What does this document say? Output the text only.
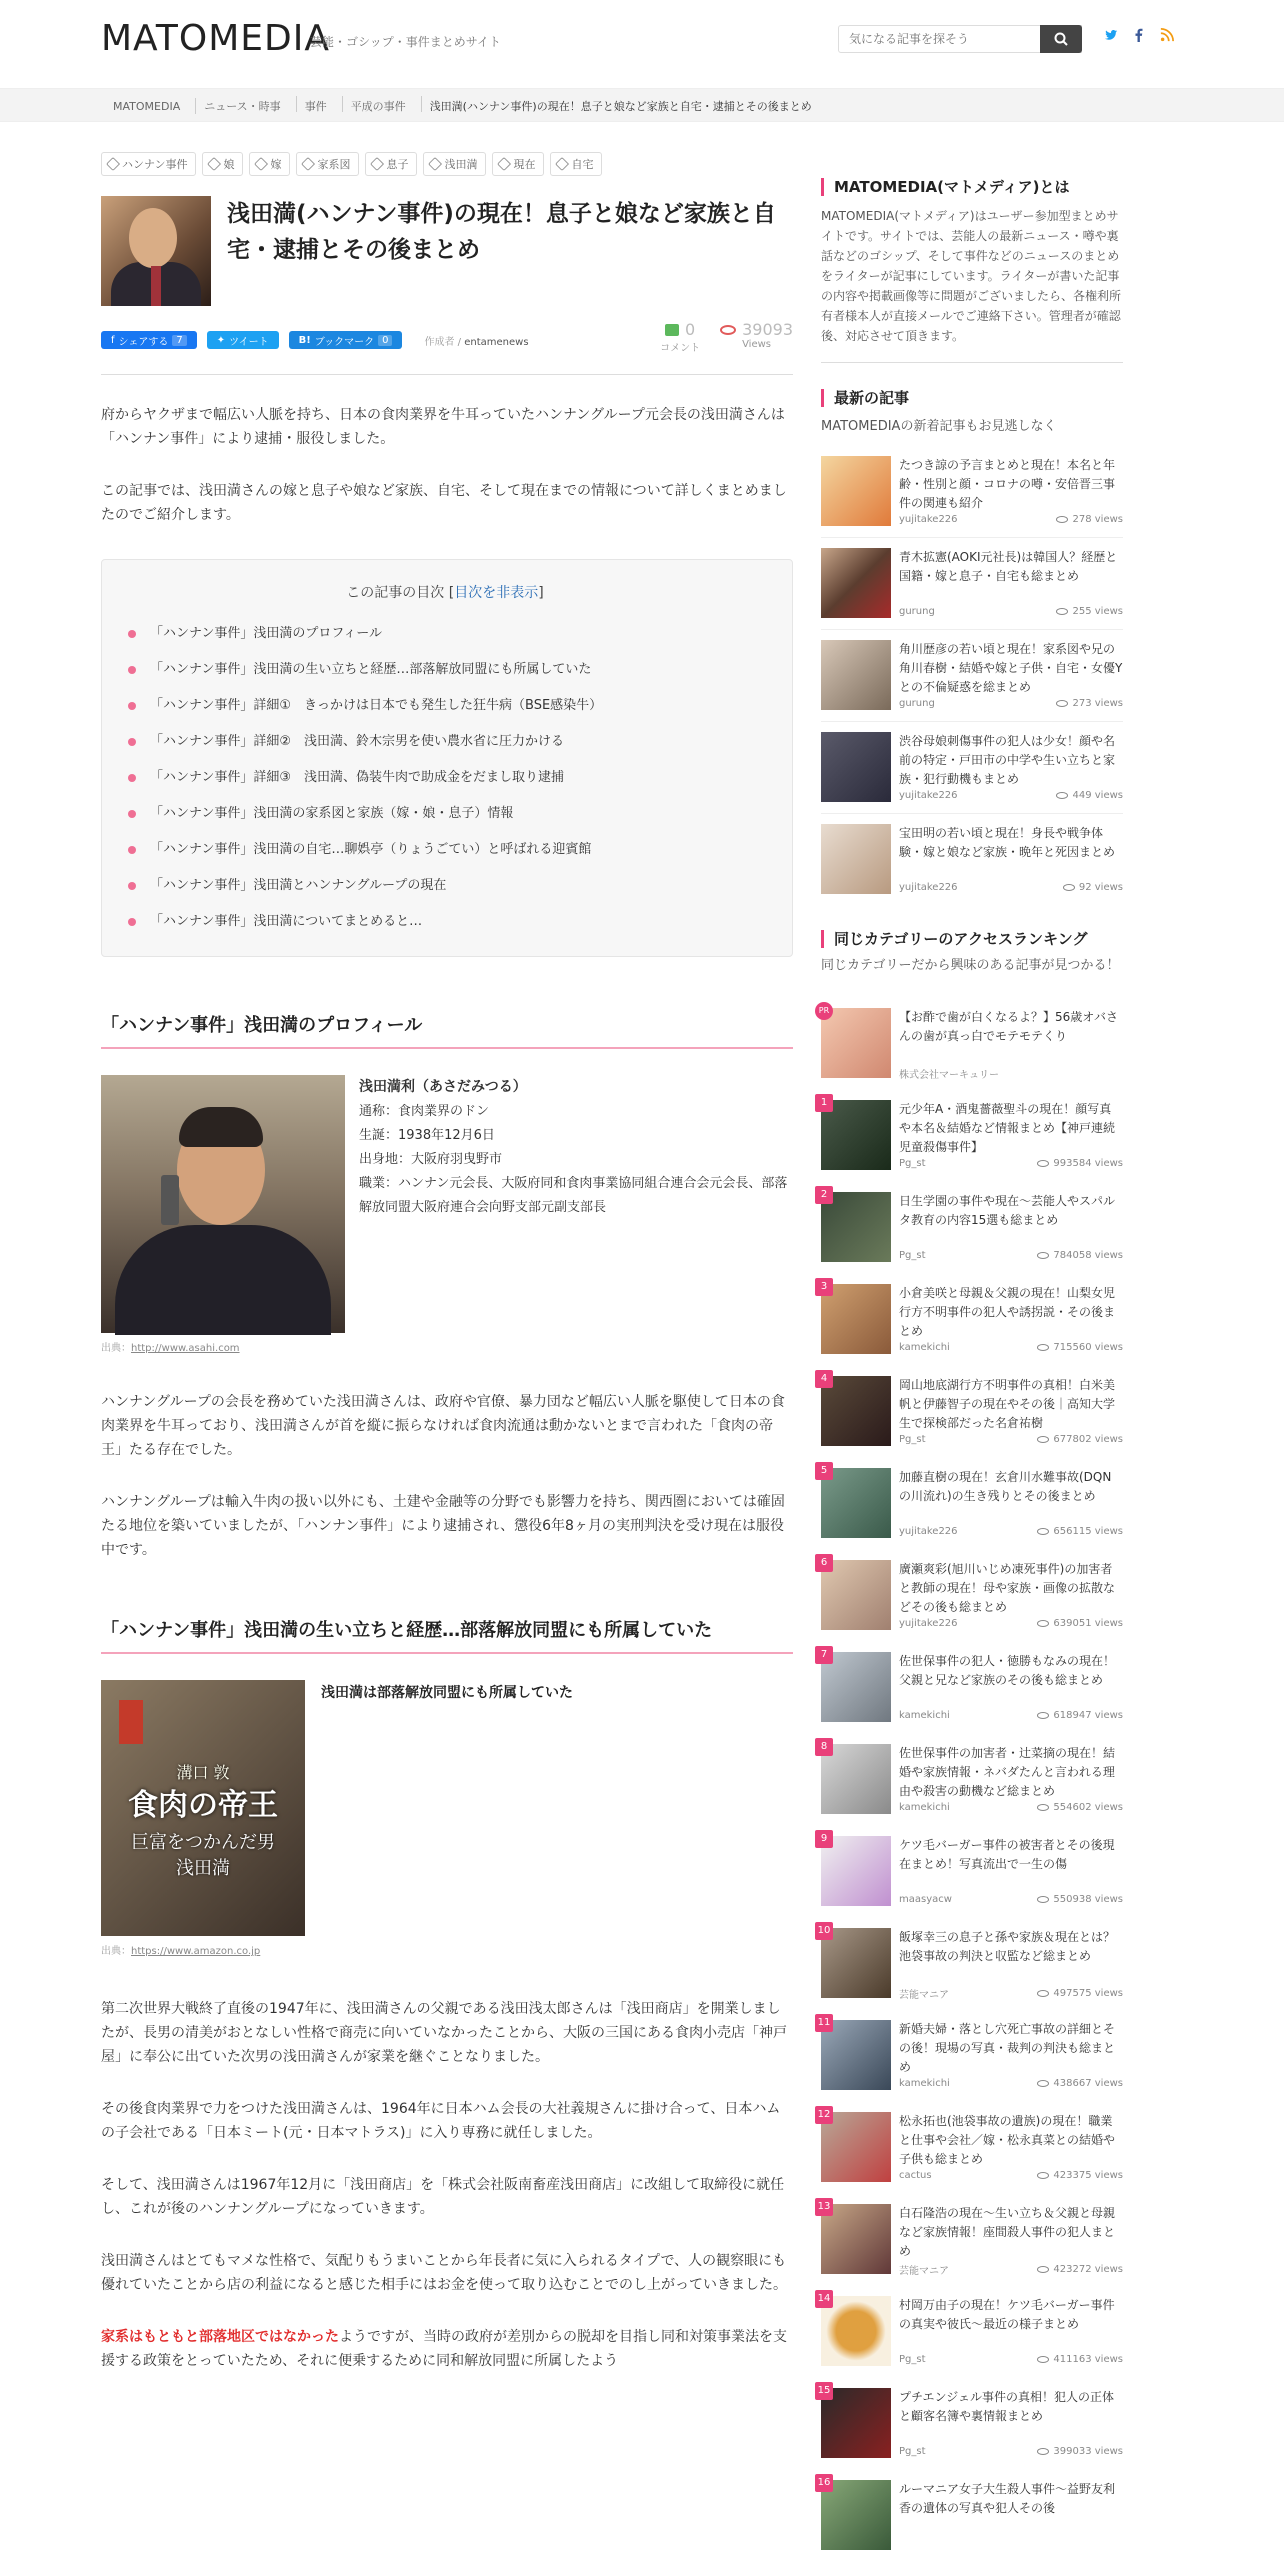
MATOMEDIA
芸能・ゴシップ・事件まとめサイト
気になる記事を探そう
MATOMEDIA	ニュース・時事	事件	平成の事件	浅田満(ハンナン事件)の現在！息子と娘など家族と自宅・逮捕とその後まとめ
ハンナン事件	娘	嫁	家系図	息子	浅田満	現在	自宅
浅田満(ハンナン事件)の現在！息子と娘など家族と自宅・逮捕とその後まとめ
f シェアする 7	✦ ツイート	B! ブックマーク 0	作成者 / entamenews
0
コメント
39093
Views

府からヤクザまで幅広い人脈を持ち、日本の食肉業界を牛耳っていたハンナングループ元会長の浅田満さんは「ハンナン事件」により逮捕・服役しました。

この記事では、浅田満さんの嫁と息子や娘など家族、自宅、そして現在までの情報について詳しくまとめましたのでご紹介します。

この記事の目次 [目次を非表示]
「ハンナン事件」浅田満のプロフィール
「ハンナン事件」浅田満の生い立ちと経歴…部落解放同盟にも所属していた
「ハンナン事件」詳細①　きっかけは日本でも発生した狂牛病（BSE感染牛）
「ハンナン事件」詳細②　浅田満、鈴木宗男を使い農水省に圧力かける
「ハンナン事件」詳細③　浅田満、偽装牛肉で助成金をだまし取り逮捕
「ハンナン事件」浅田満の家系図と家族（嫁・娘・息子）情報
「ハンナン事件」浅田満の自宅…聊娯亭（りょうごてい）と呼ばれる迎賓館
「ハンナン事件」浅田満とハンナングループの現在
「ハンナン事件」浅田満についてまとめると…
「ハンナン事件」浅田満のプロフィール
浅田満利（あさだみつる）
通称：食肉業界のドン
生誕：1938年12月6日
出身地：大阪府羽曳野市
職業：ハンナン元会長、大阪府同和食肉事業協同組合連合会元会長、部落解放同盟大阪府連合会向野支部元副支部長
出典：http://www.asahi.com

ハンナングループの会長を務めていた浅田満さんは、政府や官僚、暴力団など幅広い人脈を駆使して日本の食肉業界を牛耳っており、浅田満さんが首を縦に振らなければ食肉流通は動かないとまで言われた「食肉の帝王」たる存在でした。

ハンナングループは輸入牛肉の扱い以外にも、土建や金融等の分野でも影響力を持ち、関西圏においては確固たる地位を築いていましたが、「ハンナン事件」により逮捕され、懲役6年8ヶ月の実刑判決を受け現在は服役中です。

「ハンナン事件」浅田満の生い立ちと経歴…部落解放同盟にも所属していた
溝口 敦
食肉の帝王
巨富をつかんだ男 浅田満
浅田満は部落解放同盟にも所属していた
出典：https://www.amazon.co.jp

第二次世界大戦終了直後の1947年に、浅田満さんの父親である浅田浅太郎さんは「浅田商店」を開業しましたが、長男の清美がおとなしい性格で商売に向いていなかったことから、大阪の三国にある食肉小売店「神戸屋」に奉公に出ていた次男の浅田満さんが家業を継ぐことなりました。

その後食肉業界で力をつけた浅田満さんは、1964年に日本ハム会長の大社義規さんに掛け合って、日本ハムの子会社である「日本ミート(元・日本マトラス)」に入り専務に就任しました。

そして、浅田満さんは1967年12月に「浅田商店」を「株式会社阪南畜産浅田商店」に改組して取締役に就任し、これが後のハンナングループになっていきます。

浅田満さんはとてもマメな性格で、気配りもうまいことから年長者に気に入られるタイプで、人の観察眼にも優れていたことから店の利益になると感じた相手にはお金を使って取り込むことでのし上がっていきました。

家系はもともと部落地区ではなかったようですが、当時の政府が差別からの脱却を目指し同和対策事業法を支援する政策をとっていたため、それに便乗するために同和解放同盟に所属したよう

MATOMEDIA(マトメディア)とは

MATOMEDIA(マトメディア)はユーザー参加型まとめサイトです。サイトでは、芸能人の最新ニュース・噂や裏話などのゴシップ、そして事件などのニュースのまとめをライターが記事にしています。ライターが書いた記事の内容や掲載画像等に問題がございましたら、各権利所有者様本人が直接メールでご連絡下さい。管理者が確認後、対応させて頂きます。

最新の記事
MATOMEDIAの新着記事もお見逃しなく
たつき諒の予言まとめと現在！本名と年齢・性別と顔・コロナの噂・安倍晋三事件の関連も紹介
yujitake226	278 views
青木拡憲(AOKI元社長)は韓国人？経歴と国籍・嫁と息子・自宅も総まとめ
gurung	255 views
角川歴彦の若い頃と現在！家系図や兄の角川春樹・結婚や嫁と子供・自宅・女優Yとの不倫疑惑を総まとめ
gurung	273 views
渋谷母娘刺傷事件の犯人は少女！顔や名前の特定・戸田市の中学や生い立ちと家族・犯行動機もまとめ
yujitake226	449 views
宝田明の若い頃と現在！身長や戦争体験・嫁と娘など家族・晩年と死因まとめ
yujitake226	92 views
同じカテゴリーのアクセスランキング
同じカテゴリーだから興味のある記事が見つかる！
PR	【お酢で歯が白くなるよ？】56歳オバさんの歯が真っ白でモテモテくり
株式会社マーキュリー
1	元少年A・酒鬼薔薇聖斗の現在！顔写真や本名＆結婚など情報まとめ【神戸連続児童殺傷事件】
Pg_st	993584 views
2	日生学園の事件や現在～芸能人やスパルタ教育の内容15選も総まとめ
Pg_st	784058 views
3	小倉美咲と母親＆父親の現在！山梨女児行方不明事件の犯人や誘拐説・その後まとめ
kamekichi	715560 views
4	岡山地底湖行方不明事件の真相！白米美帆と伊藤智子の現在やその後｜高知大学生で探検部だった名倉祐樹
Pg_st	677802 views
5	加藤直樹の現在！玄倉川水難事故(DQNの川流れ)の生き残りとその後まとめ
yujitake226	656115 views
6	廣瀬爽彩(旭川いじめ凍死事件)の加害者と教師の現在！母や家族・画像の拡散などその後も総まとめ
yujitake226	639051 views
7	佐世保事件の犯人・徳勝もなみの現在！父親と兄など家族のその後も総まとめ
kamekichi	618947 views
8	佐世保事件の加害者・辻菜摘の現在！結婚や家族情報・ネバダたんと言われる理由や殺害の動機など総まとめ
kamekichi	554602 views
9	ケツ毛バーガー事件の被害者とその後現在まとめ！写真流出で一生の傷
maasyacw	550938 views
10	飯塚幸三の息子と孫や家族＆現在とは？池袋事故の判決と収監など総まとめ
芸能マニア	497575 views
11	新婚夫婦・落とし穴死亡事故の詳細とその後！現場の写真・裁判の判決も総まとめ
kamekichi	438667 views
12	松永拓也(池袋事故の遺族)の現在！職業と仕事や会社／嫁・松永真菜との結婚や子供も総まとめ
cactus	423375 views
13	白石隆浩の現在～生い立ち＆父親と母親など家族情報！座間殺人事件の犯人まとめ
芸能マニア	423272 views
14	村岡万由子の現在！ケツ毛バーガー事件の真実や彼氏～最近の様子まとめ
Pg_st	411163 views
15	プチエンジェル事件の真相！犯人の正体と顧客名簿や裏情報まとめ
Pg_st	399033 views
16	ルーマニア女子大生殺人事件～益野友利香の遺体の写真や犯人その後
